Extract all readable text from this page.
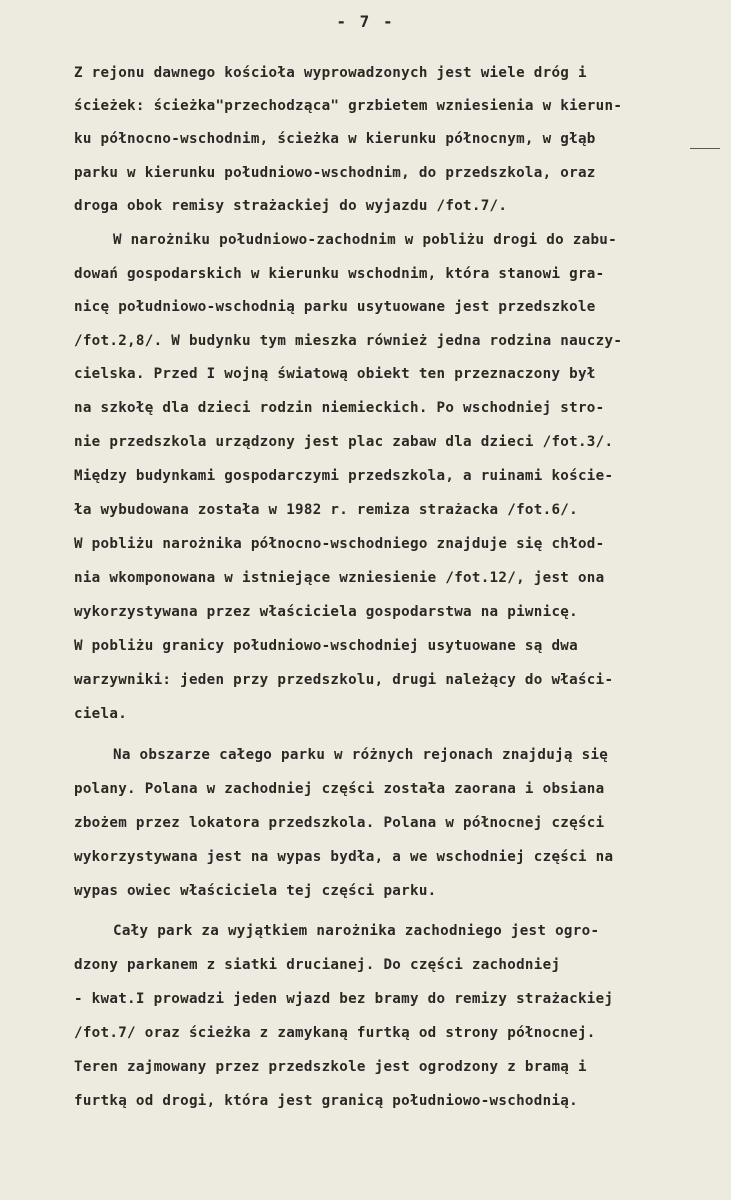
- 7 -
Z rejonu dawnego kościoła wyprowadzonych jest wiele dróg i
ścieżek: ścieżka"przechodząca" grzbietem wzniesienia w kierun-
ku północno-wschodnim, ścieżka w kierunku północnym, w głąb
parku w kierunku południowo-wschodnim, do przedszkola, oraz
droga obok remisy strażackiej do wyjazdu /fot.7/.
W narożniku południowo-zachodnim w pobliżu drogi do zabu-
dowań gospodarskich w kierunku wschodnim, która stanowi gra-
nicę południowo-wschodnią parku usytuowane jest przedszkole
/fot.2,8/. W budynku tym mieszka również jedna rodzina nauczy-
cielska. Przed I wojną światową obiekt ten przeznaczony był
na szkołę dla dzieci rodzin niemieckich. Po wschodniej stro-
nie przedszkola urządzony jest plac zabaw dla dzieci /fot.3/.
Między budynkami gospodarczymi przedszkola, a ruinami koście-
ła wybudowana została w 1982 r. remiza strażacka /fot.6/.
W pobliżu narożnika północno-wschodniego znajduje się chłod-
nia wkomponowana w istniejące wzniesienie /fot.12/, jest ona
wykorzystywana przez właściciela gospodarstwa na piwnicę.
W pobliżu granicy południowo-wschodniej usytuowane są dwa
warzywniki: jeden przy przedszkolu, drugi należący do właści-
ciela.
Na obszarze całego parku w różnych rejonach znajdują się
polany. Polana w zachodniej części została zaorana i obsiana
zbożem przez lokatora przedszkola. Polana w północnej części
wykorzystywana jest na wypas bydła, a we wschodniej części na
wypas owiec właściciela tej części parku.
Cały park za wyjątkiem narożnika zachodniego jest ogro-
dzony parkanem z siatki drucianej. Do części zachodniej
- kwat.I prowadzi jeden wjazd bez bramy do remizy strażackiej
/fot.7/ oraz ścieżka z zamykaną furtką od strony północnej.
Teren zajmowany przez przedszkole jest ogrodzony z bramą i
furtką od drogi, która jest granicą południowo-wschodnią.
